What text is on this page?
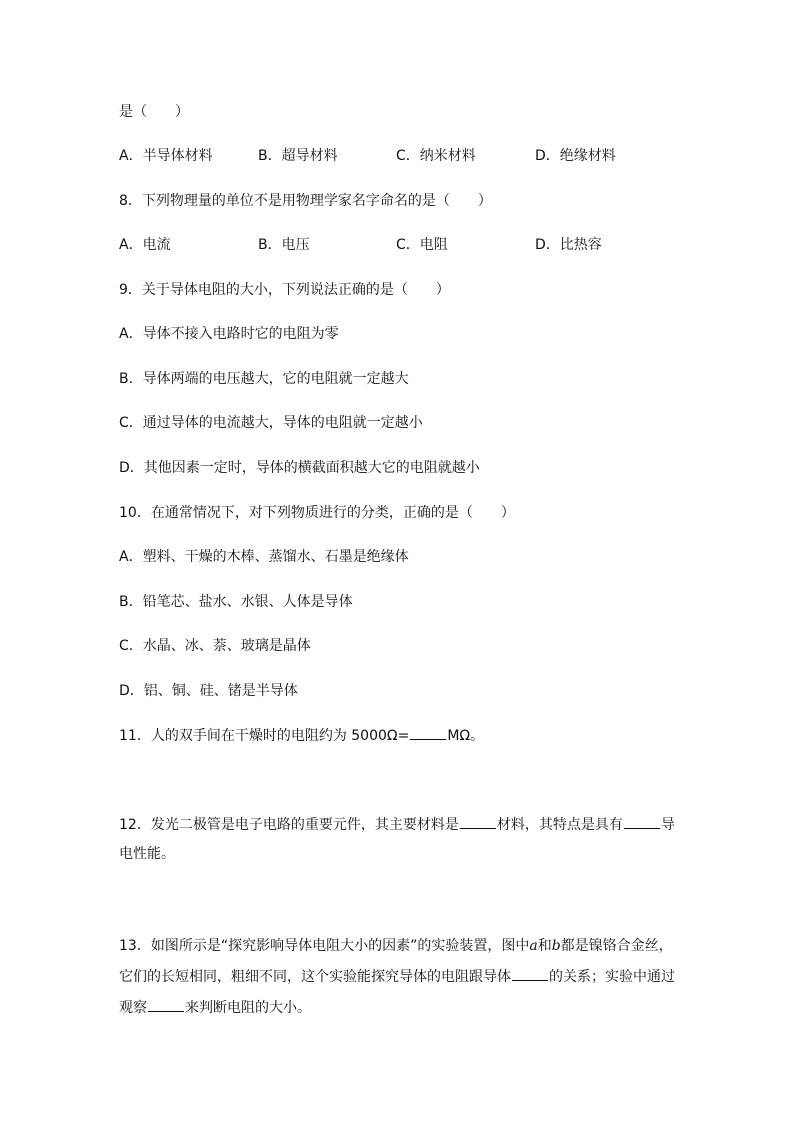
是（　　）
A．半导体材料	B．超导材料	C．纳米材料	D．绝缘材料
8．下列物理量的单位不是用物理学家名字命名的是（　　）
A．电流	B．电压	C．电阻	D．比热容
9．关于导体电阻的大小，下列说法正确的是（　　）
A．导体不接入电路时它的电阻为零
B．导体两端的电压越大，它的电阻就一定越大
C．通过导体的电流越大，导体的电阻就一定越小
D．其他因素一定时，导体的横截面积越大它的电阻就越小
10．在通常情况下，对下列物质进行的分类，正确的是（　　）
A．塑料、干燥的木棒、蒸馏水、石墨是绝缘体
B．铅笔芯、盐水、水银、人体是导体
C．水晶、冰、萘、玻璃是晶体
D．铝、铜、硅、锗是半导体
11．人的双手间在干燥时的电阻约为 5000Ω=	MΩ。
12．发光二极管是电子电路的重要元件，其主要材料是	材料，其特点是具有	导
电性能。
13．如图所示是“探究影响导体电阻大小的因素”的实验装置，图中a和b都是镍铬合金丝，
它们的长短相同，粗细不同，这个实验能探究导体的电阻跟导体	的关系；实验中通过
观察	来判断电阻的大小。
